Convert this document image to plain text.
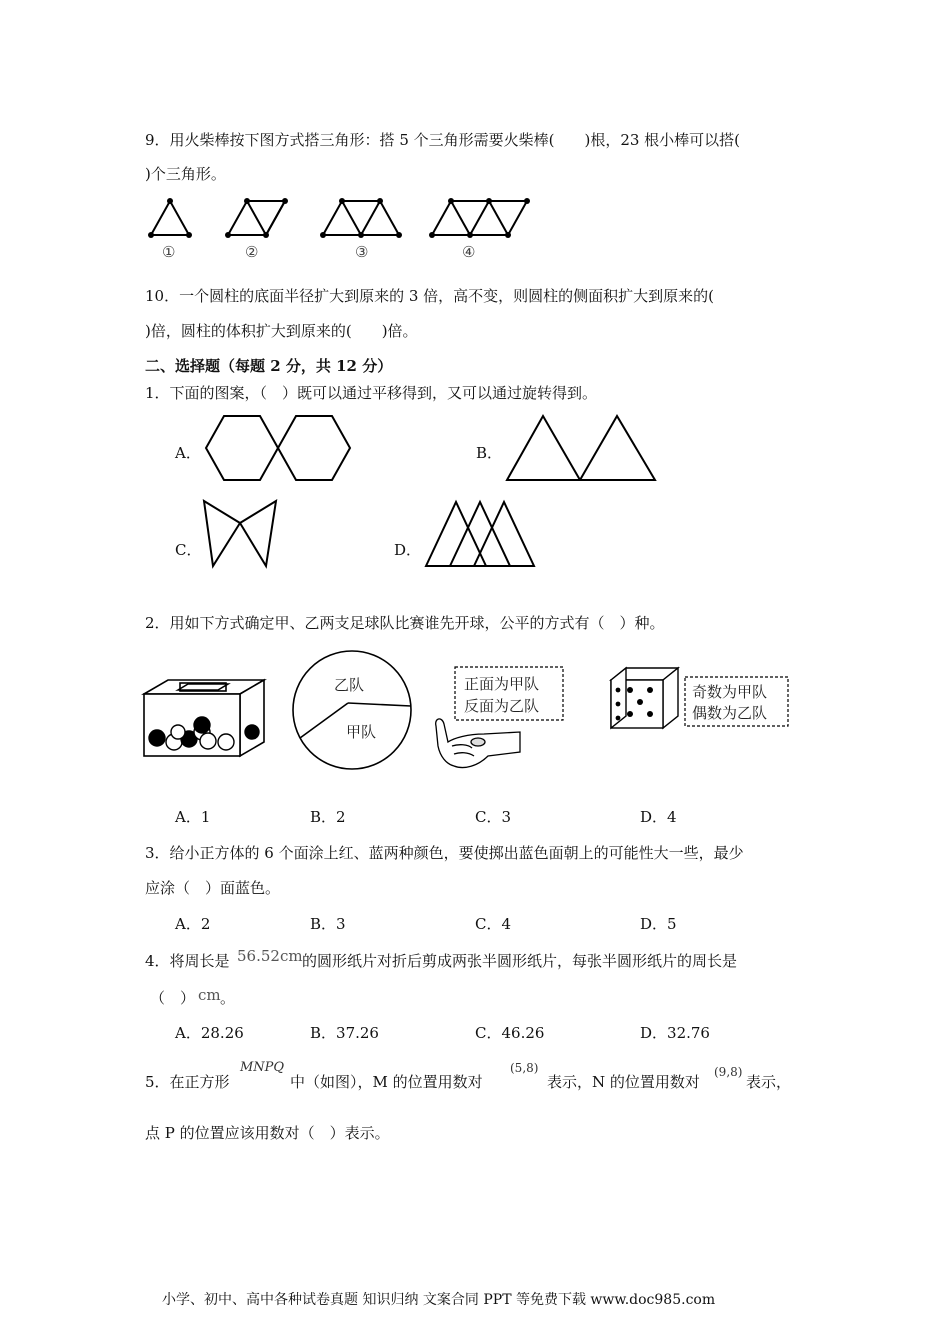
9．用火柴棒按下图方式搭三角形：搭 5 个三角形需要火柴棒(　　)根，23 根小棒可以搭(
)个三角形。
①	②	③	④
10．一个圆柱的底面半径扩大到原来的 3 倍，高不变，则圆柱的侧面积扩大到原来的(
)倍，圆柱的体积扩大到原来的(　　)倍。
二、选择题（每题 2 分，共 12 分）
1．下面的图案，（　）既可以通过平移得到，又可以通过旋转得到。
A．	B．
C．	D．
2．用如下方式确定甲、乙两支足球队比赛谁先开球，公平的方式有（　）种。
乙队
甲队
正面为甲队
反面为乙队
奇数为甲队
偶数为乙队
A．1	B．2	C．3	D．4
3．给小正方体的 6 个面涂上红、蓝两种颜色，要使掷出蓝色面朝上的可能性大一些，最少
应涂（　）面蓝色。
A．2	B．3	C．4	D．5
4．将周长是 56.52cm 的圆形纸片对折后剪成两张半圆形纸片，每张半圆形纸片的周长是
（　） cm 。
A．28.26	B．37.26	C．46.26	D．32.76
5．在正方形
MNPQ
中（如图），M 的位置用数对
(5,8)
表示，N 的位置用数对
(9,8)
表示，
点 P 的位置应该用数对（　）表示。
小学、初中、高中各种试卷真题 知识归纳 文案合同 PPT 等免费下载 www.doc985.com
